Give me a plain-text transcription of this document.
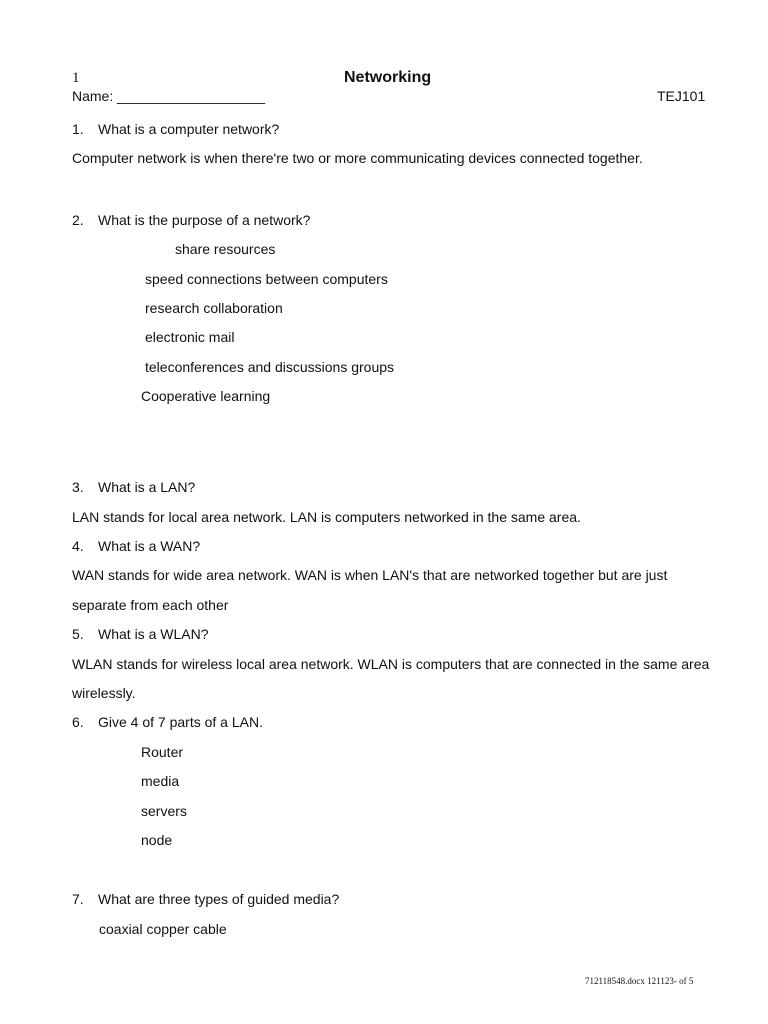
1	Networking
Name: ___________________	TEJ101
1. What is a computer network?
Computer network is when there're two or more communicating devices connected together.
2. What is the purpose of a network?
share resources
speed connections between computers
research collaboration
electronic mail
teleconferences and discussions groups
Cooperative learning
3. What is a LAN?
LAN stands for local area network. LAN is computers networked in the same area.
4. What is a WAN?
WAN stands for wide area network. WAN is when LAN's that are networked together but are just
separate from each other
5. What is a WLAN?
WLAN stands for wireless local area network. WLAN is computers that are connected in the same area
wirelessly.
6. Give 4 of 7 parts of a LAN.
Router
media
servers
node
7. What are three types of guided media?
coaxial copper cable
712118548.docx 121123- of 5
